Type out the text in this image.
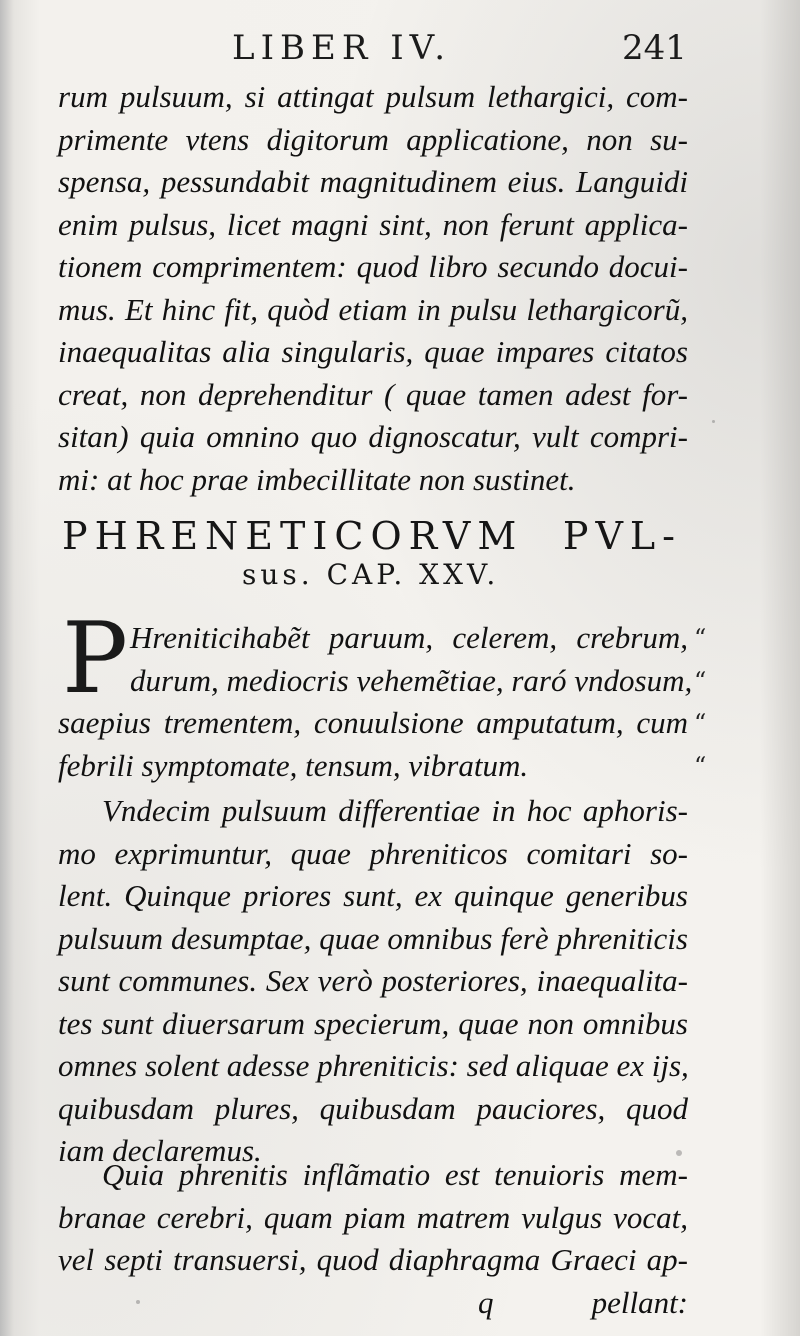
LIBER IV.	241
rum pulsuum, si attingat pulsum lethargici, com-
primente vtens digitorum applicatione, non su-
spensa, pessundabit magnitudinem eius. Languidi
enim pulsus, licet magni sint, non ferunt applica-
tionem comprimentem: quod libro secundo docui-
mus. Et hinc fit, quòd etiam in pulsu lethargicorũ,
inaequalitas alia singularis, quae impares citatos
creat, non deprehenditur ( quae tamen adest for-
sitan) quia omnino quo dignoscatur, vult compri-
mi: at hoc prae imbecillitate non sustinet.
PHRENETICORVM PVL-
sus. CAP. XXV.
P Hreniticihabẽt paruum, celerem, crebrum,
durum, mediocris vehemẽtiae, raró vndosum,
saepius trementem, conuulsione amputatum, cum
febrili symptomate, tensum, vibratum.
“
“
“
“
Vndecim pulsuum differentiae in hoc aphoris-
mo exprimuntur, quae phreniticos comitari so-
lent. Quinque priores sunt, ex quinque generibus
pulsuum desumptae, quae omnibus ferè phreniticis
sunt communes. Sex verò posteriores, inaequalita-
tes sunt diuersarum specierum, quae non omnibus
omnes solent adesse phreniticis: sed aliquae ex ijs,
quibusdam plures, quibusdam pauciores, quod
iam declaremus.
Quia phrenitis inflãmatio est tenuioris mem-
branae cerebri, quam piam matrem vulgus vocat,
vel septi transuersi, quod diaphragma Graeci ap-
q	pellant:
